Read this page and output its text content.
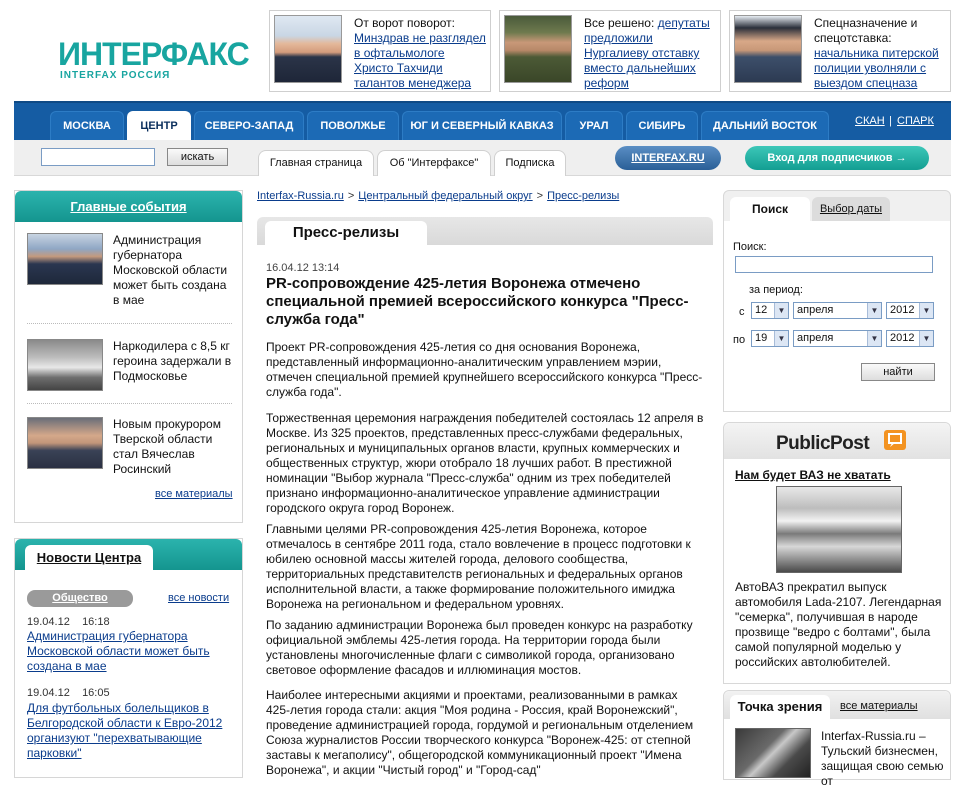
ИНТЕРФАКС
INTERFAX РОССИЯ
От ворот поворот: Минздрав не разглядел в офтальмологе Христо Тахчиди талантов менеджера
Все решено: депутаты предложили Нургалиеву отставку вместо дальнейших реформ
Спецназначение и спецотставка: начальника питерской полиции уволняли с выездом спецназа
МОСКВА	ЦЕНТР	СЕВЕРО-ЗАПАД	ПОВОЛЖЬЕ	ЮГ И СЕВЕРНЫЙ КАВКАЗ	УРАЛ	СИБИРЬ	ДАЛЬНИЙ ВОСТОК	СКАН | СПАРК
искать	Главная страница	Об "Интерфаксе"	Подписка	INTERFAX.RU	Вход для подписчиков →
Главные события
Администрация губернатора Московской области может быть создана в мае
Наркодилера с 8,5 кг героина задержали в Подмосковье
Новым прокурором Тверской области стал Вячеслав Росинский
все материалы
Новости Центра
Общество	все новости
19.04.12 16:18
Администрация губернатора Московской области может быть создана в мае
19.04.12 16:05
Для футбольных болельщиков в Белгородской области к Евро-2012 организуют "перехватывающие парковки"
Interfax-Russia.ru > Центральный федеральный округ > Пресс-релизы
Пресс-релизы
16.04.12 13:14
PR-сопровождение 425-летия Воронежа отмечено специальной премией всероссийского конкурса "Пресс-служба года"
Проект PR-сопровождения 425-летия со дня основания Воронежа, представленный информационно-аналитическим управлением мэрии, отмечен специальной премией крупнейшего всероссийского конкурса "Пресс-служба года".
Торжественная церемония награждения победителей состоялась 12 апреля в Москве. Из 325 проектов, представленных пресс-службами федеральных, региональных и муниципальных органов власти, крупных коммерческих и общественных структур, жюри отобрало 18 лучших работ. В престижной номинации "Выбор журнала "Пресс-служба" одним из трех победителей признано информационно-аналитическое управление администрации городского округа город Воронеж.
Главными целями PR-сопровождения 425-летия Воронежа, которое отмечалось в сентябре 2011 года, стало вовлечение в процесс подготовки к юбилею основной массы жителей города, делового сообщества, территориальных представителств региональных и федеральных органов исполнительной власти, а также формирование положительного имиджа Воронежа на региональном и федеральном уровнях.
По заданию администрации Воронежа был проведен конкурс на разработку официальной эмблемы 425-летия города. На территории города были установлены многочисленные флаги с символикой города, организовано световое оформление фасадов и иллюминация мостов.
Наиболее интересными акциями и проектами, реализованными в рамках 425-летия города стали: акция "Моя родина - Россия, край Воронежский", проведение администрацией города, гордумой и региональным отделением Союза журналистов России творческого конкурса "Воронеж-425: от степной заставы к мегаполису", общегородской коммуникационный проект "Имена Воронежа", и акции "Чистый город" и "Город-сад"
Поиск	Выбор даты
Поиск:
за период:
с 12	▼	апреля	▼	2012	▼
по 19	▼	апреля	▼	2012	▼
найти
PublicPost
Нам будет ВАЗ не хватать
АвтоВАЗ прекратил выпуск автомобиля Lada-2107. Легендарная "семерка", получившая в народе прозвище "ведро с болтами", была самой популярной моделью у российских автолюбителей.
Точка зрения	все материалы
Interfax-Russia.ru – Тульский бизнесмен, защищая свою семью от
